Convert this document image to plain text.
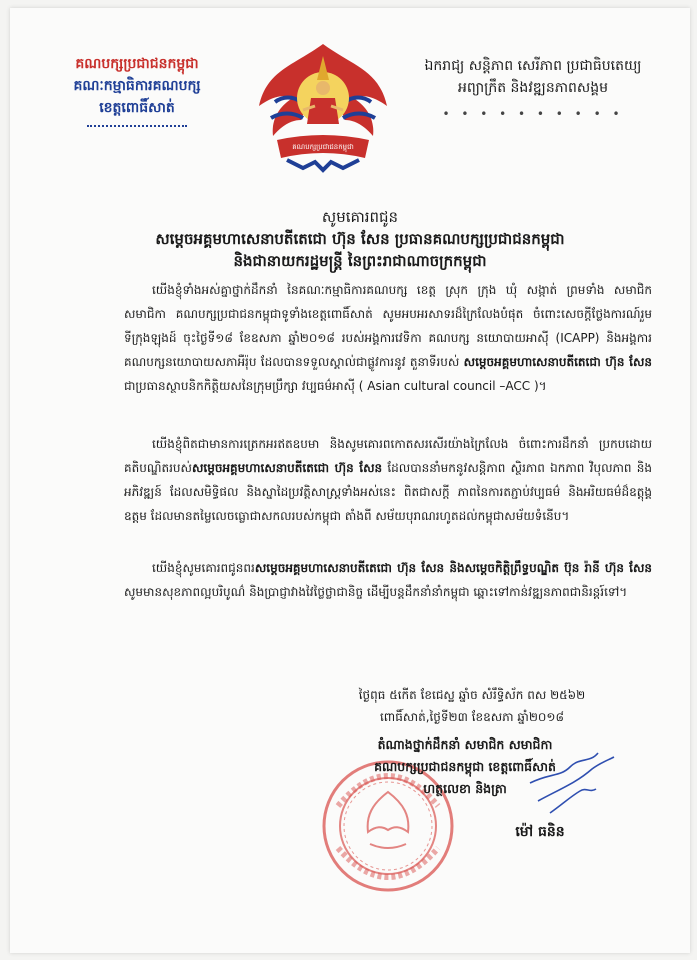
គណបក្សប្រជាជនកម្ពុជា
គណៈកម្មាធិការគណបក្ស
ខេត្តពោធិ៍សាត់
គណបក្សប្រជាជនកម្ពុជា
ឯករាជ្យ សន្តិភាព សេរីភាព ប្រជាធិបតេយ្យ
អព្យាក្រឹត និងវឌ្ឍនភាពសង្គម
• • • • • • • • • •
សូមគោរពជូន
សម្តេចអគ្គមហាសេនាបតីតេជោ ហ៊ុន សែន ប្រធានគណបក្សប្រជាជនកម្ពុជា
និងជានាយករដ្ឋមន្ត្រី នៃព្រះរាជាណាចក្រកម្ពុជា
យើងខ្ញុំទាំងអស់គ្នាថ្នាក់ដឹកនាំ នៃគណៈកម្មាធិការគណបក្ស ខេត្ត ស្រុក ក្រុង ឃុំ សង្កាត់ ព្រមទាំង សមាជិក សមាជិកា គណបក្សប្រជាជនកម្ពុជាទូទាំងខេត្តពោធិ៍សាត់ សូមអបអរសាទរដ៏ក្រៃលែងបំផុត ចំពោះសេចក្តីថ្លែងការណ៍រួមទីក្រុងឡុងដ៍ ចុះថ្ងៃទី១៨ ខែឧសភា ឆ្នាំ២០១៨ របស់អង្គការវេទិកា គណបក្ស នយោបាយអាស៊ី (ICAPP) និងអង្គការគណបក្សនយោបាយសភាអឺរ៉ុប ដែលបានទទួលស្គាល់ជាផ្លូវការនូវ តួនាទីរបស់ សម្តេចអគ្គមហាសេនាបតីតេជោ ហ៊ុន សែន ជាប្រធានស្ថាបនិកកិត្តិយសនៃក្រុមប្រឹក្សា វប្បធម៌អាស៊ី ( Asian cultural council –ACC )។
យើងខ្ញុំពិតជាមានការត្រេកអរឥតឧបមា និងសូមគោរពកោតសរសើរយ៉ាងក្រៃលែង ចំពោះការដឹកនាំ ប្រកបដោយគតិបណ្ឌិតរបស់សម្តេចអគ្គមហាសេនាបតីតេជោ ហ៊ុន សែន ដែលបាននាំមកនូវសន្តិភាព ស្ថិរភាព ឯកភាព វិបុលភាព និងអភិវឌ្ឍន៍ ដែលសមិទ្ធិផល និងស្នាដៃប្រវត្តិសាស្ត្រទាំងអស់នេះ ពិតជាសក្តី ភាពនៃការតភ្ជាប់វប្បធម៌ និងអរិយធម៌ដ៏ឧត្តុង្គឧត្តម ដែលមានតម្លៃលេចធ្លោជាសកលរបស់កម្ពុជា តាំងពី សម័យបុរាណរហូតដល់កម្ពុជាសម័យទំនើប។
យើងខ្ញុំសូមគោរពជូនពរសម្តេចអគ្គមហាសេនាបតីតេជោ ហ៊ុន សែន និងសម្តេចកិត្តិព្រឹទ្ធបណ្ឌិត ប៊ុន រ៉ានី ហ៊ុន សែន សូមមានសុខភាពល្អបរិបូណ៌ និងប្រាជ្ញាវាងវៃថ្លៃថ្លាជានិច្ច ដើម្បីបន្តដឹកនាំនាំកម្ពុជា ឆ្ពោះទៅកាន់វឌ្ឍនភាពជានិរន្តរ៍ទៅ។
ថ្ងៃពុធ ៥កើត ខែជេស្ឋ ឆ្នាំច សំរឹទ្ធិស័ក ពស ២៥៦២
ពោធិ៍សាត់,ថ្ងៃទី២៣ ខែឧសភា ឆ្នាំ២០១៨
តំណាងថ្នាក់ដឹកនាំ សមាជិក សមាជិកា
គណបក្សប្រជាជនកម្ពុជា ខេត្តពោធិ៍សាត់
ហត្ថលេខា និងត្រា
ម៉ៅ ធនិន
